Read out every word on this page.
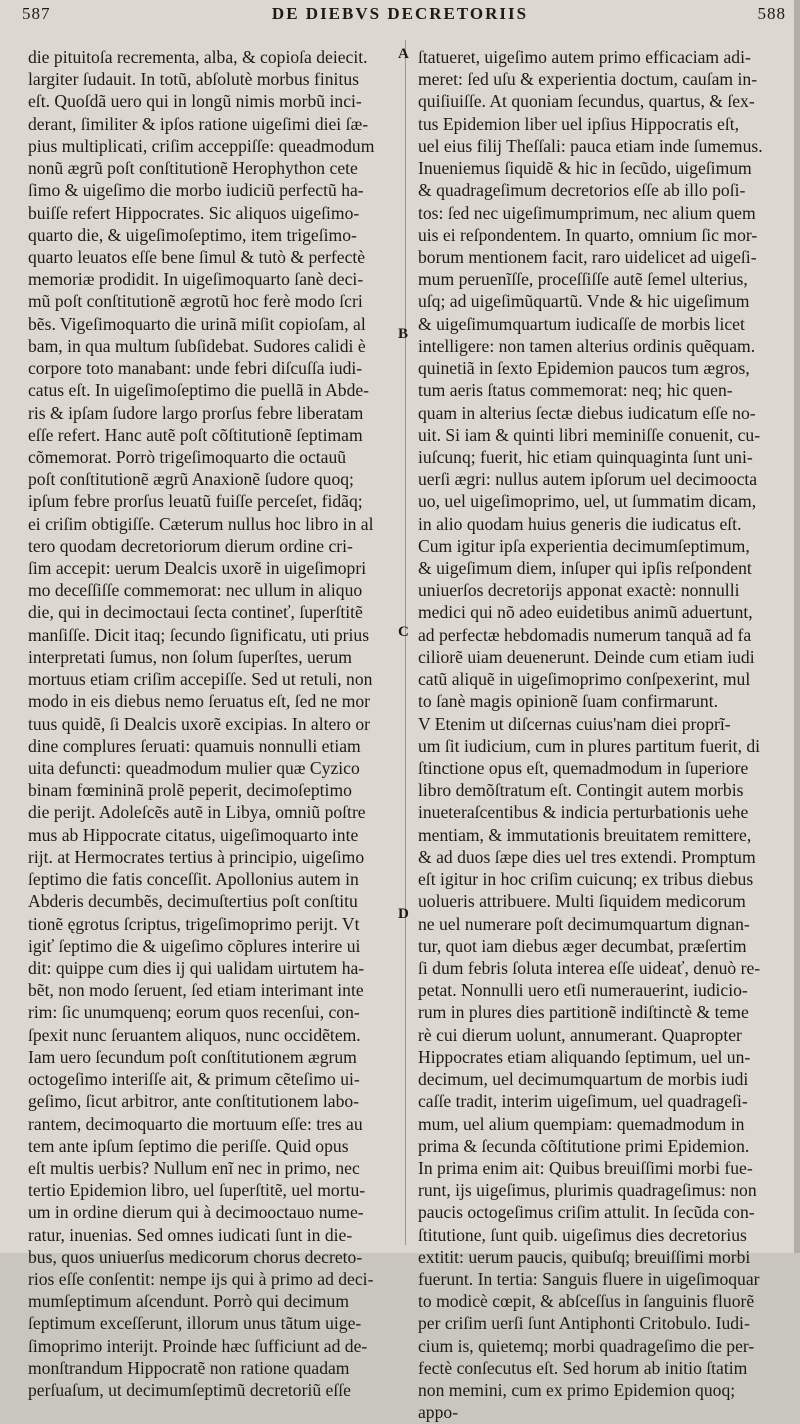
587	DE DIEBVS DECRETORIIS	588
A
B
C
D
die pituitoſa recrementa, alba, & copioſa deiecit.
largiter ſudauit. In totũ, abſolutè morbus finitus
eſt. Quoſdã uero qui in longũ nimis morbũ inci-
derant, ſimiliter & ipſos ratione uigeſimi diei ſæ-
pius multiplicati, criſim acceppiſſe: queadmodum
nonũ ægrũ poſt conſtitutionẽ Herophython cete
ſimo & uigeſimo die morbo iudiciũ perfectũ ha-
buiſſe refert Hippocrates. Sic aliquos uigeſimo-
quarto die, & uigeſimoſeptimo, item trigeſimo-
quarto leuatos eſſe bene ſimul & tutò & perfectè
memoriæ prodidit. In uigeſimoquarto ſanè deci-
mũ poſt conſtitutionẽ ægrotũ hoc ferè modo ſcri
bẽs. Vigeſimoquarto die urinã miſit copioſam, al
bam, in qua multum ſubſidebat. Sudores calidi è
corpore toto manabant: unde febri diſcuſſa iudi-
catus eſt. In uigeſimoſeptimo die puellã in Abde-
ris & ipſam ſudore largo prorſus febre liberatam
eſſe refert. Hanc autẽ poſt cõſtitutionẽ ſeptimam
cõmemorat. Porrò trigeſimoquarto die octauũ
poſt conſtitutionẽ ægrũ Anaxionẽ ſudore quoq;
ipſum febre prorſus leuatũ fuiſſe perceſet, fidãq;
ei criſim obtigiſſe. Cæterum nullus hoc libro in al
tero quodam decretoriorum dierum ordine cri-
ſim accepit: uerum Dealcis uxorẽ in uigeſimopri
mo deceſſiſſe commemorat: nec ullum in aliquo
die, qui in decimoctaui ſecta contineť, ſuperſtitẽ
manſiſſe. Dicit itaq; ſecundo ſignificatu, uti prius
interpretati ſumus, non ſolum ſuperſtes, uerum
mortuus etiam criſim accepiſſe. Sed ut retuli, non
modo in eis diebus nemo ſeruatus eſt, ſed ne mor
tuus quidẽ, ſi Dealcis uxorẽ excipias. In altero or
dine complures ſeruati: quamuis nonnulli etiam
uita defuncti: queadmodum mulier quæ Cyzico
binam fœmininã prolẽ peperit, decimoſeptimo
die perijt. Adoleſcẽs autẽ in Libya, omniũ poſtre
mus ab Hippocrate citatus, uigeſimoquarto inte
rijt. at Hermocrates tertius à principio, uigeſimo
ſeptimo die fatis conceſſit. Apollonius autem in
Abderis decumbẽs, decimuſtertius poſt conſtitu
tionẽ ęgrotus ſcriptus, trigeſimoprimo perijt. Vt
igiť ſeptimo die & uigeſimo cõplures interire ui
dit: quippe cum dies ij qui ualidam uirtutem ha-
bẽt, non modo ſeruent, ſed etiam interimant inte
rim: ſic unumquenq; eorum quos recenſui, con-
ſpexit nunc ſeruantem aliquos, nunc occidẽtem.
Iam uero ſecundum poſt conſtitutionem ægrum
octogeſimo interiſſe ait, & primum cẽteſimo ui-
geſimo, ſicut arbitror, ante conſtitutionem labo-
rantem, decimoquarto die mortuum eſſe: tres au
tem ante ipſum ſeptimo die periſſe. Quid opus
eſt multis uerbis? Nullum enĩ nec in primo, nec
tertio Epidemion libro, uel ſuperſtitẽ, uel mortu-
um in ordine dierum qui à decimooctauo nume-
ratur, inuenias. Sed omnes iudicati ſunt in die-
bus, quos uniuerſus medicorum chorus decreto-
rios eſſe conſentit: nempe ijs qui à primo ad deci-
mumſeptimum aſcendunt. Porrò qui decimum
ſeptimum exceſſerunt, illorum unus tãtum uige-
ſimoprimo interijt. Proinde hæc ſufficiunt ad de-
monſtrandum Hippocratẽ non ratione quadam
perſuaſum, ut decimumſeptimũ decretoriũ eſſe
ſtatueret, uigeſimo autem primo efficaciam adi-
meret: ſed uſu & experientia doctum, cauſam in-
quiſiuiſſe. At quoniam ſecundus, quartus, & ſex-
tus Epidemion liber uel ipſius Hippocratis eſt,
uel eius filij Theſſali: pauca etiam inde ſumemus.
Inueniemus ſiquidẽ & hic in ſecũdo, uigeſimum
& quadrageſimum decretorios eſſe ab illo poſi-
tos: ſed nec uigeſimumprimum, nec alium quem
uis ei reſpondentem. In quarto, omnium ſic mor-
borum mentionem facit, raro uidelicet ad uigeſi-
mum peruenĩſſe, proceſſiſſe autẽ ſemel ulterius,
uſq; ad uigeſimũquartũ. Vnde & hic uigeſimum
& uigeſimumquartum iudicaſſe de morbis licet
intelligere: non tamen alterius ordinis quẽquam.
quinetiã in ſexto Epidemion paucos tum ægros,
tum aeris ſtatus commemorat: neq; hic quen-
quam in alterius ſectæ diebus iudicatum eſſe no-
uit. Si iam & quinti libri meminiſſe conuenit, cu-
iuſcunq; fuerit, hic etiam quinquaginta ſunt uni-
uerſi ægri: nullus autem ipſorum uel decimoocta
uo, uel uigeſimoprimo, uel, ut ſummatim dicam,
in alio quodam huius generis die iudicatus eſt.
Cum igitur ipſa experientia decimumſeptimum,
& uigeſimum diem, inſuper qui ipſis reſpondent
uniuerſos decretorijs apponat exactè: nonnulli
medici qui nõ adeo euidetibus animũ aduertunt,
ad perfectæ hebdomadis numerum tanquã ad fa
ciliorẽ uiam deuenerunt. Deinde cum etiam iudi
catũ aliquẽ in uigeſimoprimo conſpexerint, mul
to ſanè magis opinionẽ ſuam confirmarunt.
V Etenim ut diſcernas cuius'nam diei proprĩ-
um ſit iudicium, cum in plures partitum fuerit, di
ſtinctione opus eſt, quemadmodum in ſuperiore
libro demõſtratum eſt. Contingit autem morbis
inueteraſcentibus & indicia perturbationis uehe
mentiam, & immutationis breuitatem remittere,
& ad duos ſæpe dies uel tres extendi. Promptum
eſt igitur in hoc criſim cuicunq; ex tribus diebus
uolueris attribuere. Multi ſiquidem medicorum
ne uel numerare poſt decimumquartum dignan-
tur, quot iam diebus æger decumbat, præſertim
ſi dum febris ſoluta interea eſſe uideať, denuò re-
petat. Nonnulli uero etſi numerauerint, iudicio-
rum in plures dies partitionẽ indiſtinctè & teme
rè cui dierum uolunt, annumerant. Quapropter
Hippocrates etiam aliquando ſeptimum, uel un-
decimum, uel decimumquartum de morbis iudi
caſſe tradit, interim uigeſimum, uel quadrageſi-
mum, uel alium quempiam: quemadmodum in
prima & ſecunda cõſtitutione primi Epidemion.
In prima enim ait: Quibus breuiſſimi morbi fue-
runt, ijs uigeſimus, plurimis quadrageſimus: non
paucis octogeſimus criſim attulit. In ſecũda con-
ſtitutione, ſunt quib. uigeſimus dies decretorius
extitit: uerum paucis, quibuſq; breuiſſimi morbi
fuerunt. In tertia: Sanguis fluere in uigeſimoquar
to modicè cœpit, & abſceſſus in ſanguinis fluorẽ
per criſim uerſi ſunt Antiphonti Critobulo. Iudi-
cium is, quietemq; morbi quadrageſimo die per-
fectè conſecutus eſt. Sed horum ab initio ſtatim
non memini, cum ex primo Epidemion quoq;
appo-
